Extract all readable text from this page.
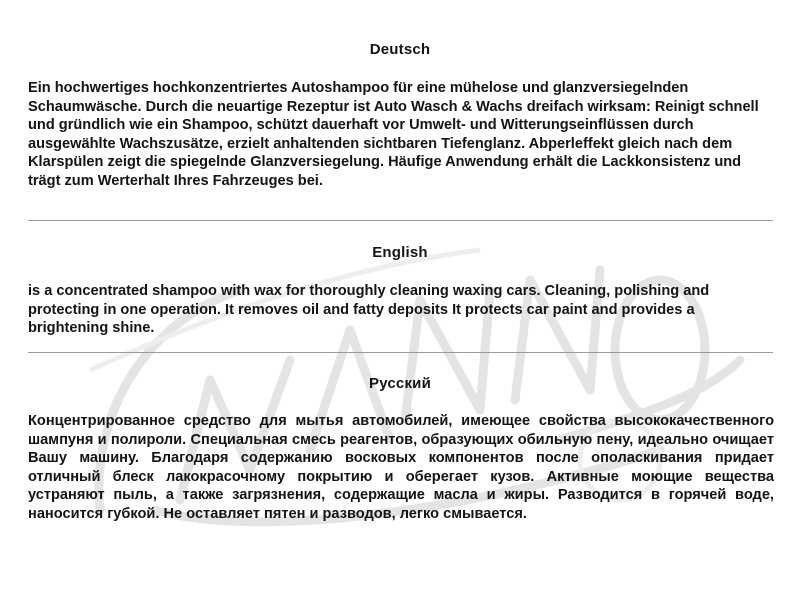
Deutsch

Ein hochwertiges hochkonzentriertes Autoshampoo für eine mühelose und glanzversiegelnden Schaumwäsche. Durch die neuartige Rezeptur ist Auto Wasch & Wachs dreifach wirksam: Reinigt schnell und gründlich wie ein Shampoo, schützt dauerhaft vor Umwelt- und Witterungseinflüssen durch ausgewählte Wachszusätze, erzielt anhaltenden sichtbaren Tiefenglanz. Abperleffekt gleich nach dem Klarspülen zeigt die spiegelnde Glanzversiegelung. Häufige Anwendung erhält die Lackkonsistenz und trägt zum Werterhalt Ihres Fahrzeuges bei.

English

is a concentrated shampoo with wax for thoroughly cleaning waxing cars. Cleaning, polishing and protecting in one operation. It removes oil and fatty deposits It protects car paint and provides a brightening shine.

Русский

Концентрированное средство для мытья автомобилей, имеющее свойства высококачественного шампуня и полироли. Специальная смесь реагентов, образующих обильную пену, идеально очищает Вашу машину. Благодаря содержанию восковых компонентов после ополаскивания придает отличный блеск лакокрасочному покрытию и оберегает кузов. Активные моющие вещества устраняют пыль, а также загрязнения, содержащие масла и жиры. Разводится в горячей воде, наносится губкой. Не оставляет пятен и разводов, легко смывается.
